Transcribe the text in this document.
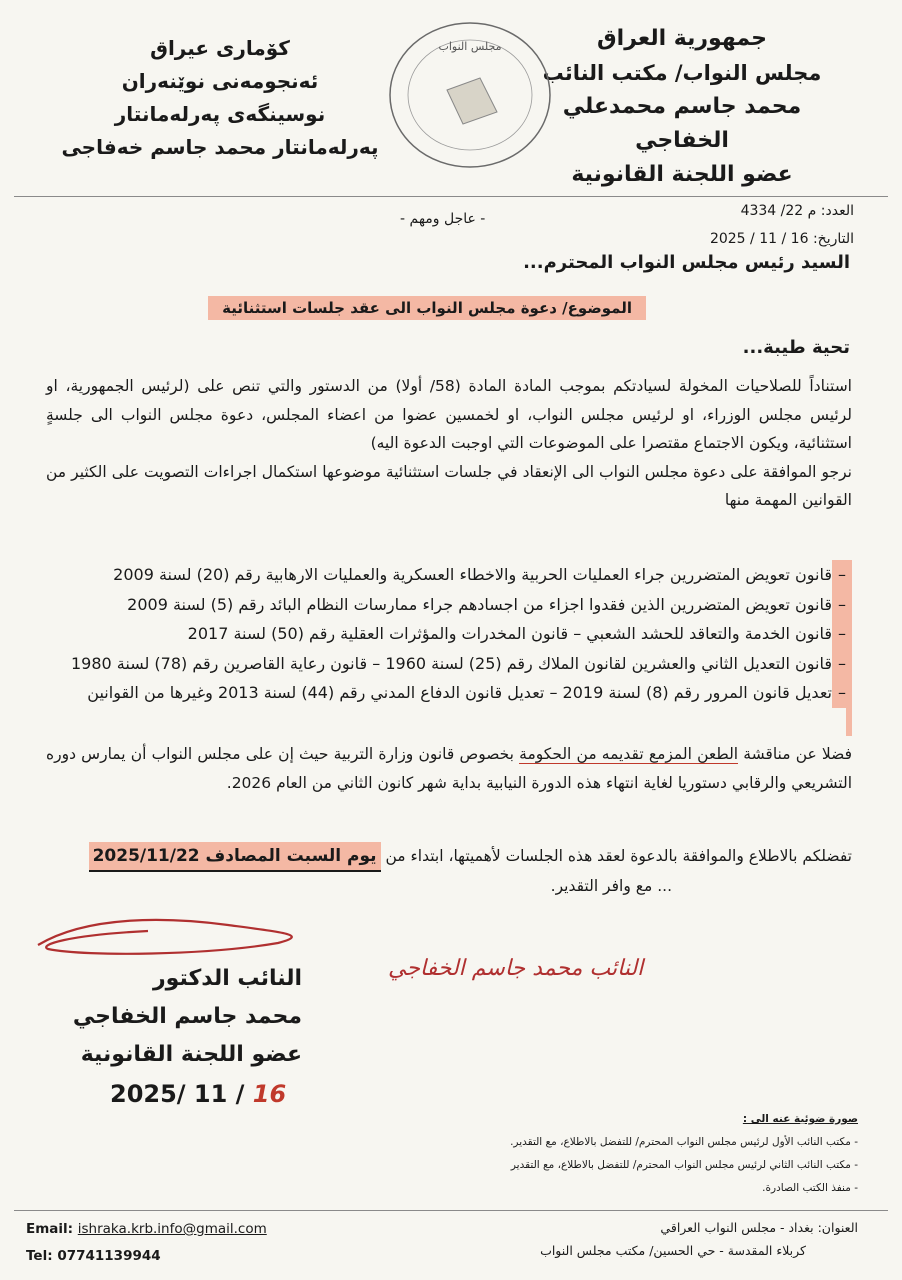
جمهورية العراق
مجلس النواب/ مكتب النائب
محمد جاسم محمدعلي الخفاجي
عضو اللجنة القانونية
مجلس النواب
کۆماری عیراق
ئەنجومەنی نوێنەران
نوسینگەی پەرلەمانتار
پەرلەمانتار محمد جاسم خەفاجی
العدد: م 22/ 4334
التاريخ: 16 / 11 / 2025
- عاجل ومهم -
السيد رئيس مجلس النواب المحترم...
الموضوع/ دعوة مجلس النواب الى عقد جلسات استثنائية
تحية طيبة...

استناداً للصلاحيات المخولة لسيادتكم بموجب المادة المادة (58/ أولا) من الدستور والتي تنص على (لرئيس الجمهورية، او لرئيس مجلس الوزراء، او لرئيس مجلس النواب، او لخمسين عضوا من اعضاء المجلس، دعوة مجلس النواب الى جلسةٍ استثنائية، ويكون الاجتماع مقتصرا على الموضوعات التي اوجبت الدعوة اليه)

نرجو الموافقة على دعوة مجلس النواب الى الإنعقاد في جلسات استثنائية موضوعها استكمال اجراءات التصويت على الكثير من القوانين المهمة منها

–
قانون تعويض المتضررين جراء العمليات الحربية والاخطاء العسكرية والعمليات الارهابية رقم (20) لسنة 2009
–
قانون تعويض المتضررين الذين فقدوا اجزاء من اجسادهم جراء ممارسات النظام البائد رقم (5) لسنة 2009
–
قانون الخدمة والتعاقد للحشد الشعبي – قانون المخدرات والمؤثرات العقلية رقم (50) لسنة 2017
–
قانون التعديل الثاني والعشرين لقانون الملاك رقم (25) لسنة 1960 – قانون رعاية القاصرين رقم (78) لسنة 1980
–
تعديل قانون المرور رقم (8) لسنة 2019 – تعديل قانون الدفاع المدني رقم (44) لسنة 2013 وغيرها من القوانين
فضلا عن مناقشة الطعن المزمع تقديمه من الحكومة بخصوص قانون وزارة التربية حيث إن على مجلس النواب أن يمارس دوره التشريعي والرقابي دستوريا لغاية انتهاء هذه الدورة النيابية بداية شهر كانون الثاني من العام 2026.
تفضلكم بالاطلاع والموافقة بالدعوة لعقد هذه الجلسات لأهميتها، ابتداء من يوم السبت المصادف 2025/11/22
... مع وافر التقدير.
النائب محمد جاسم الخفاجي
النائب الدكتور
محمد جاسم الخفاجي
عضو اللجنة القانونية
2025/ 11 / 16
صورة ضوئية عنه الى :
- مكتب النائب الأول لرئيس مجلس النواب المحترم/ للتفضل بالاطلاع، مع التقدير.
- مكتب النائب الثاني لرئيس مجلس النواب المحترم/ للتفضل بالاطلاع، مع التقدير
- منفذ الكتب الصادرة.
العنوان: بغداد - مجلس النواب العراقي
كربلاء المقدسة - حي الحسين/ مكتب مجلس النواب
Email: ishraka.krb.info@gmail.com
Tel: 07741139944
